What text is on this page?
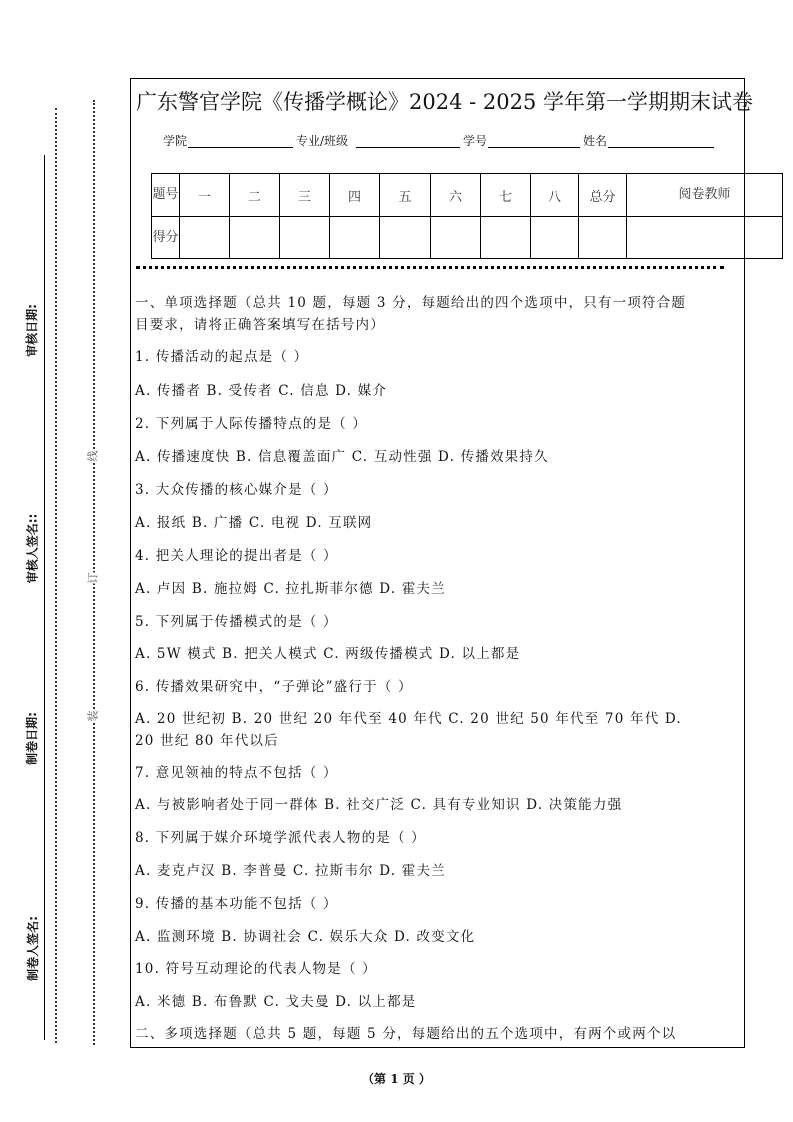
审核日期:
审核人签名::
制卷日期:
制卷人签名:
线
订
装
广东警官学院《传播学概论》2024 - 2025 学年第一学期期末试卷
学院	专业/班级	学号	姓名
题号	一	二	三	四	五	六	七	八	总分	阅卷教师
得分										
一、单项选择题（总共 10 题，每题 3 分，每题给出的四个选项中，只有一项符合题
目要求，请将正确答案填写在括号内）
1. 传播活动的起点是（ ）
A. 传播者 B. 受传者 C. 信息 D. 媒介
2. 下列属于人际传播特点的是（ ）
A. 传播速度快 B. 信息覆盖面广 C. 互动性强 D. 传播效果持久
3. 大众传播的核心媒介是（ ）
A. 报纸 B. 广播 C. 电视 D. 互联网
4. 把关人理论的提出者是（ ）
A. 卢因 B. 施拉姆 C. 拉扎斯菲尔德 D. 霍夫兰
5. 下列属于传播模式的是（ ）
A. 5W 模式 B. 把关人模式 C. 两级传播模式 D. 以上都是
6. 传播效果研究中，“子弹论”盛行于（ ）
A. 20 世纪初 B. 20 世纪 20 年代至 40 年代 C. 20 世纪 50 年代至 70 年代 D.
20 世纪 80 年代以后
7. 意见领袖的特点不包括（ ）
A. 与被影响者处于同一群体 B. 社交广泛 C. 具有专业知识 D. 决策能力强
8. 下列属于媒介环境学派代表人物的是（ ）
A. 麦克卢汉 B. 李普曼 C. 拉斯韦尔 D. 霍夫兰
9. 传播的基本功能不包括（ ）
A. 监测环境 B. 协调社会 C. 娱乐大众 D. 改变文化
10. 符号互动理论的代表人物是（ ）
A. 米德 B. 布鲁默 C. 戈夫曼 D. 以上都是
二、多项选择题（总共 5 题，每题 5 分，每题给出的五个选项中，有两个或两个以
（第 1 页 ）
